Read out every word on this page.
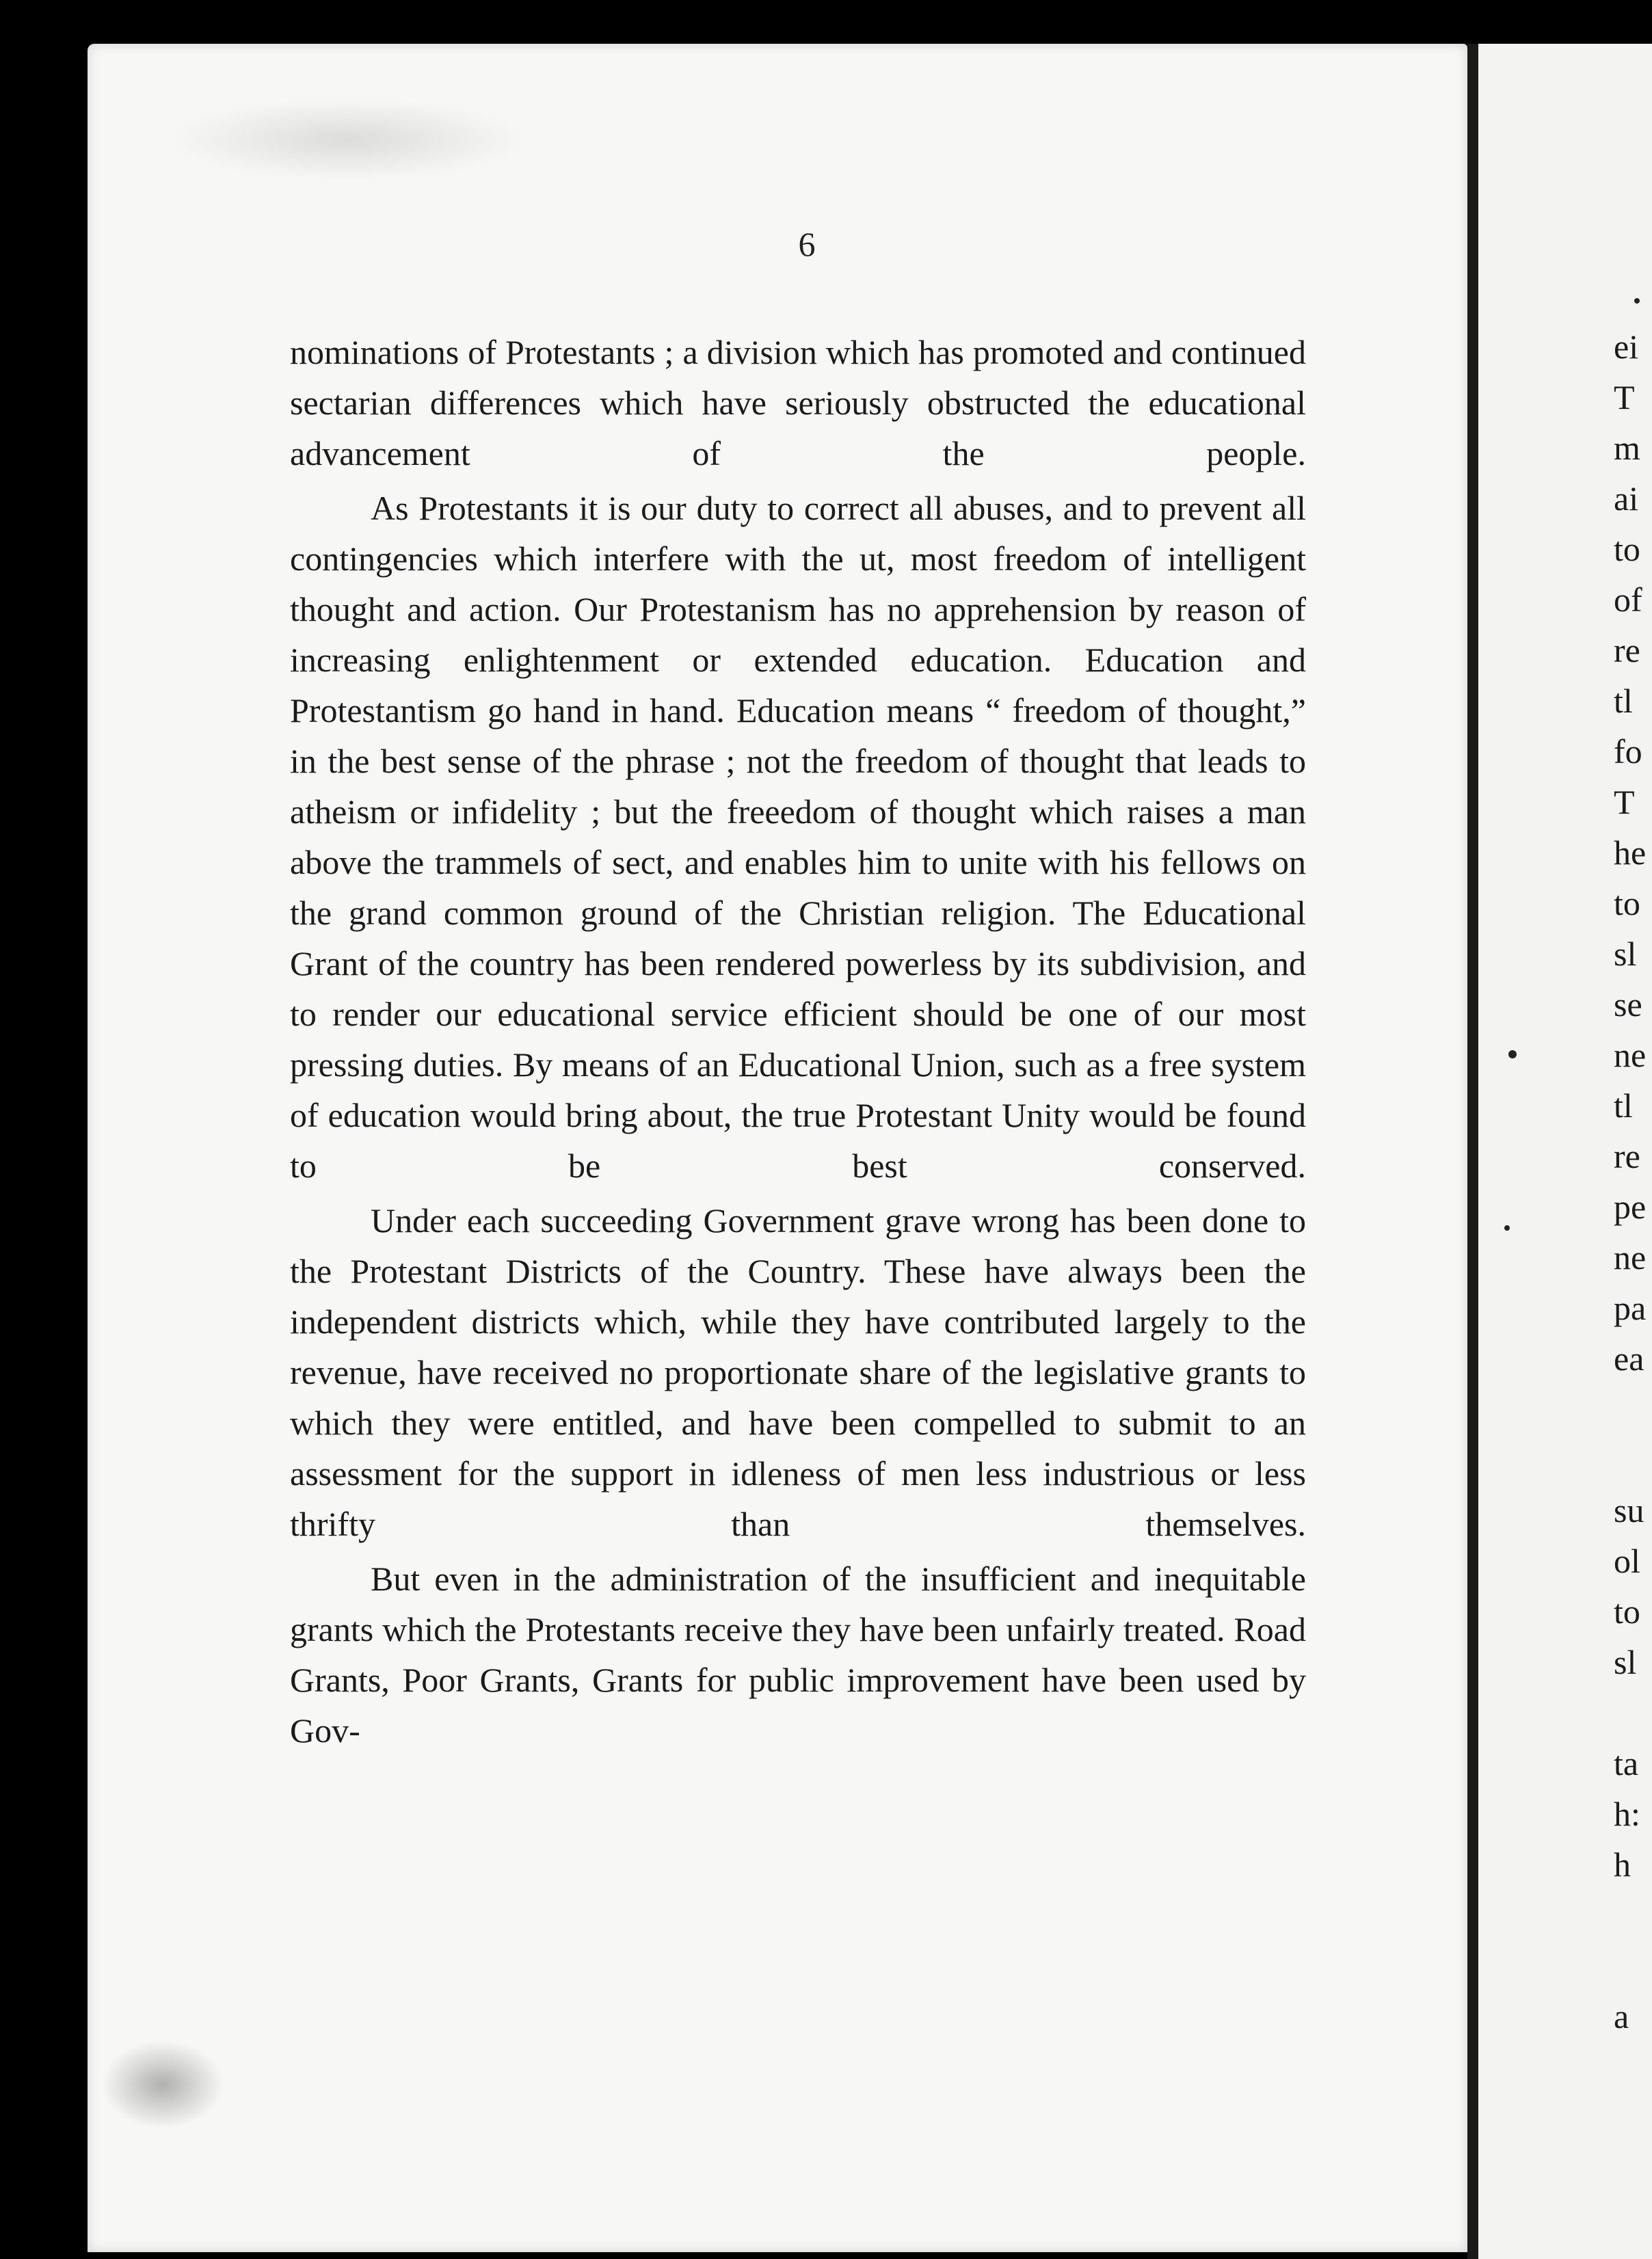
6

nominations of Protestants ; a division which has promoted and continued sectarian differences which have seriously obstructed the educational advancement of the people.

As Protestants it is our duty to correct all abuses, and to prevent all contingencies which interfere with the ut, most freedom of intelligent thought and action. Our Protestanism has no apprehension by reason of increasing enlightenment or extended education. Education and Protestantism go hand in hand. Education means “ freedom of thought,” in the best sense of the phrase ; not the freedom of thought that leads to atheism or infidelity ; but the freeedom of thought which raises a man above the trammels of sect, and enables him to unite with his fellows on the grand common ground of the Christian religion. The Educational Grant of the country has been rendered powerless by its subdivision, and to render our educational service efficient should be one of our most pressing duties. By means of an Educational Union, such as a free system of education would bring about, the true Protestant Unity would be found to be best conserved.

Under each succeeding Government grave wrong has been done to the Protestant Districts of the Country. These have always been the independent districts which, while they have contributed largely to the revenue, have received no proportionate share of the legislative grants to which they were entitled, and have been compelled to submit to an assessment for the support in idleness of men less industrious or less thrifty than themselves.

But even in the administration of the insufficient and inequitable grants which the Protestants receive they have been unfairly treated. Road Grants, Poor Grants, Grants for public improvement have been used by Gov-

ei
T
m
ai
to
of
re
tl
fo
T
he
to
sl
se
ne
tl
re
pe
ne
pa
ea
su
ol
to
sl
ta
h:
h
a
